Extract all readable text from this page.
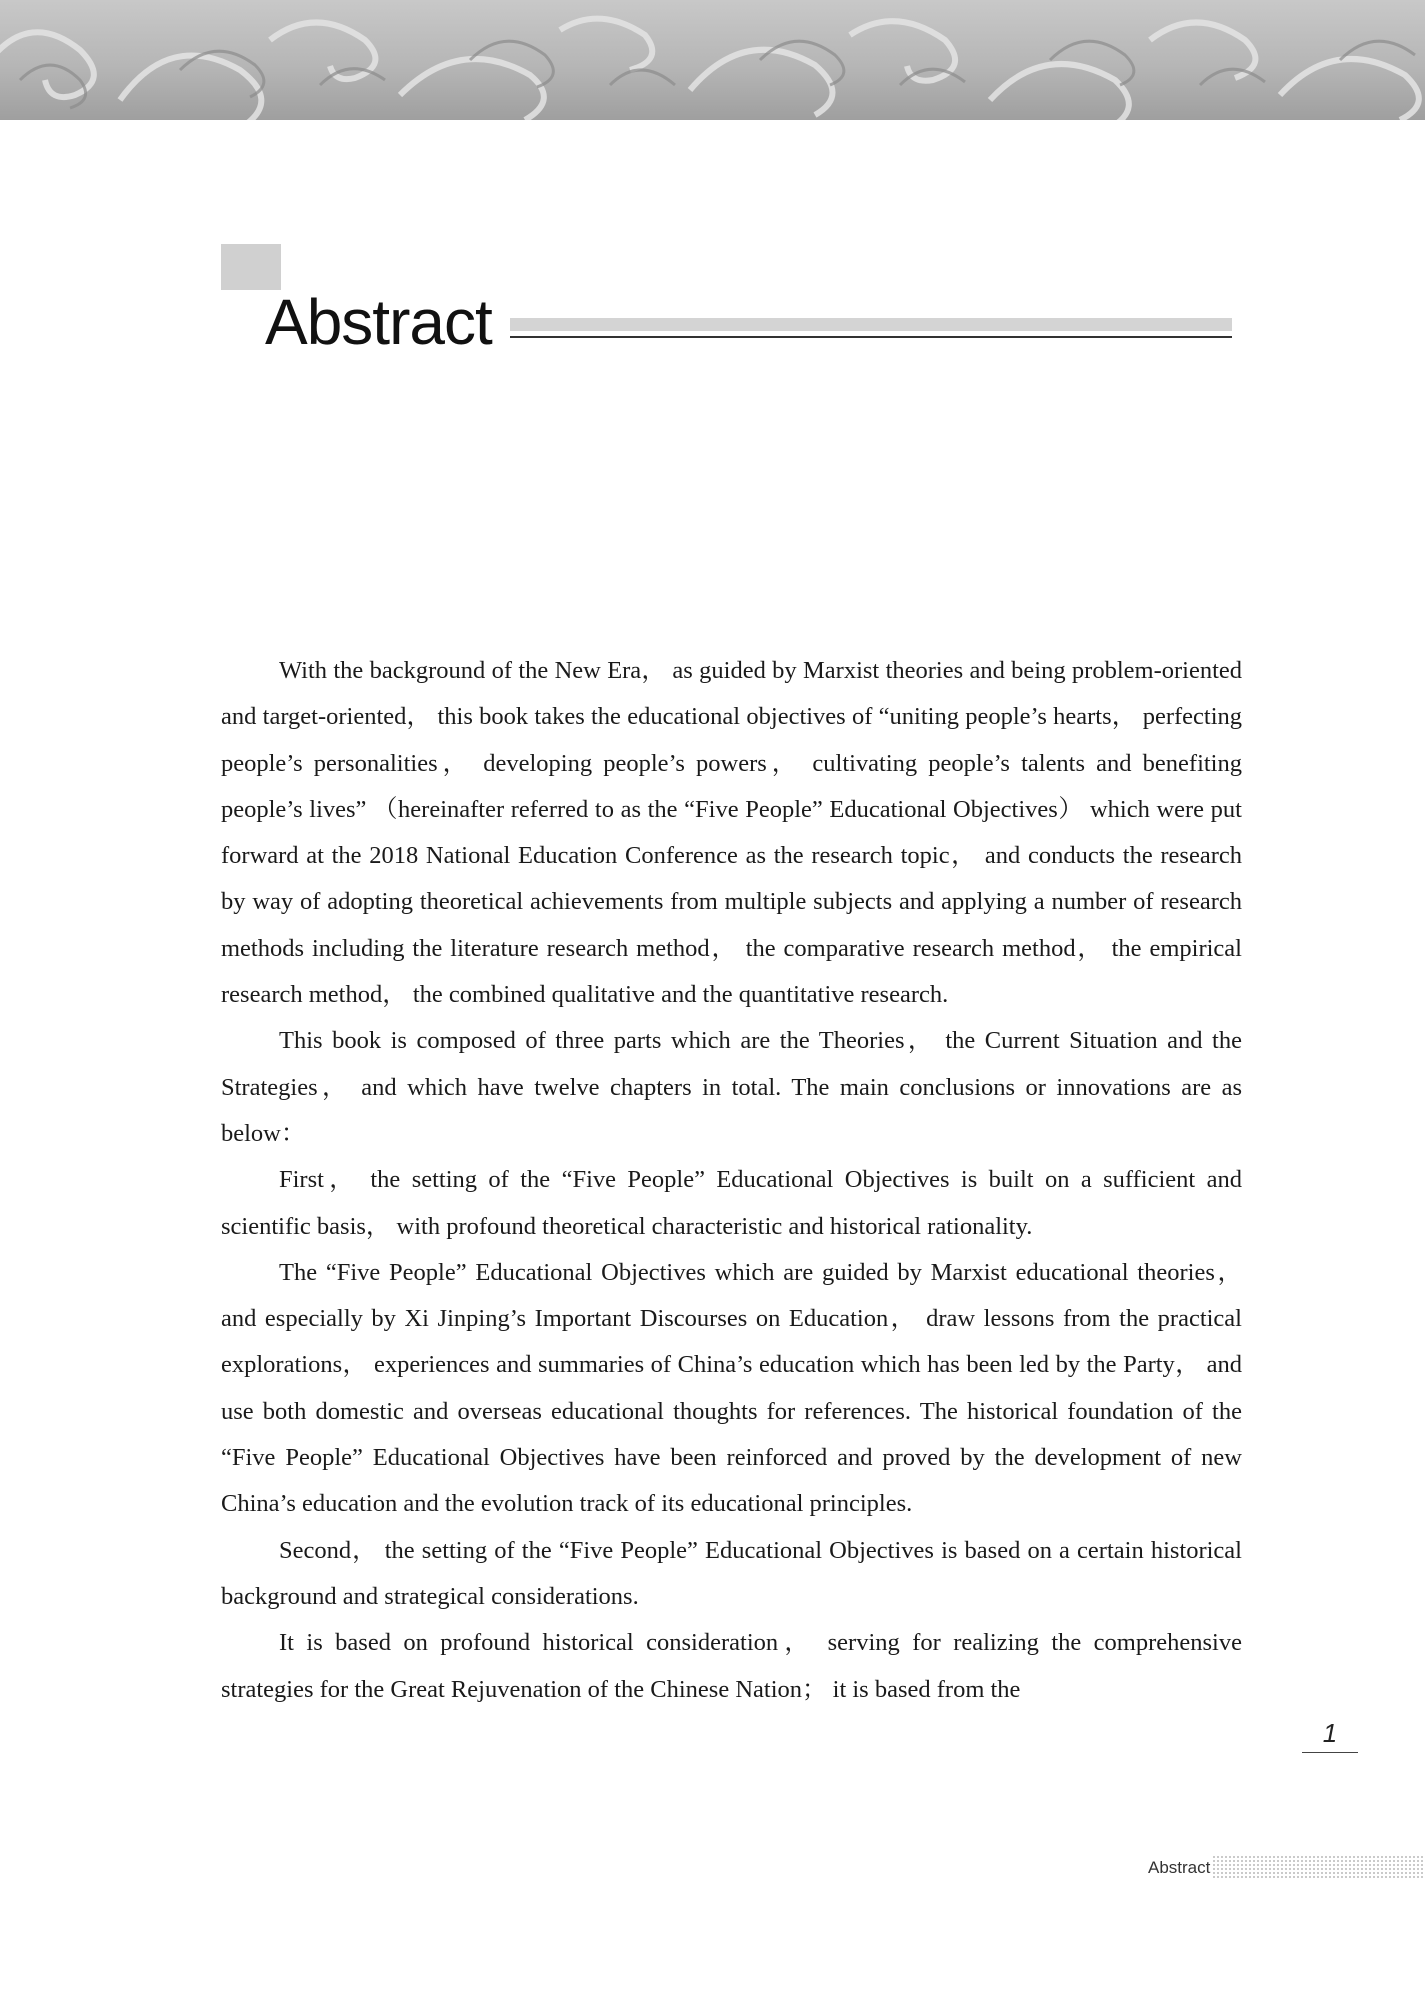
Abstract

With the background of the New Era， as guided by Marxist theories and being problem-oriented and target-oriented， this book takes the educational objectives of “uniting people’s hearts， perfecting people’s personalities， developing people’s powers， cultivating people’s talents and benefiting people’s lives” （hereinafter referred to as the “Five People” Educational Objectives） which were put forward at the 2018 National Education Conference as the research topic， and conducts the research by way of adopting theoretical achievements from multiple subjects and applying a number of research methods including the literature research method， the comparative research method， the empirical research method， the combined qualitative and the quantitative research.

This book is composed of three parts which are the Theories， the Current Situation and the Strategies， and which have twelve chapters in total. The main conclusions or innovations are as below：

First， the setting of the “Five People” Educational Objectives is built on a sufficient and scientific basis， with profound theoretical characteristic and historical rationality.

The “Five People” Educational Objectives which are guided by Marxist educational theories， and especially by Xi Jinping’s Important Discourses on Education， draw lessons from the practical explorations， experiences and summaries of China’s education which has been led by the Party， and use both domestic and overseas educational thoughts for references. The historical foundation of the “Five People” Educational Objectives have been reinforced and proved by the development of new China’s education and the evolution track of its educational principles.

Second， the setting of the “Five People” Educational Objectives is based on a certain historical background and strategical considerations.

It is based on profound historical consideration， serving for realizing the comprehensive strategies for the Great Rejuvenation of the Chinese Nation； it is based from the

1
Abstract
